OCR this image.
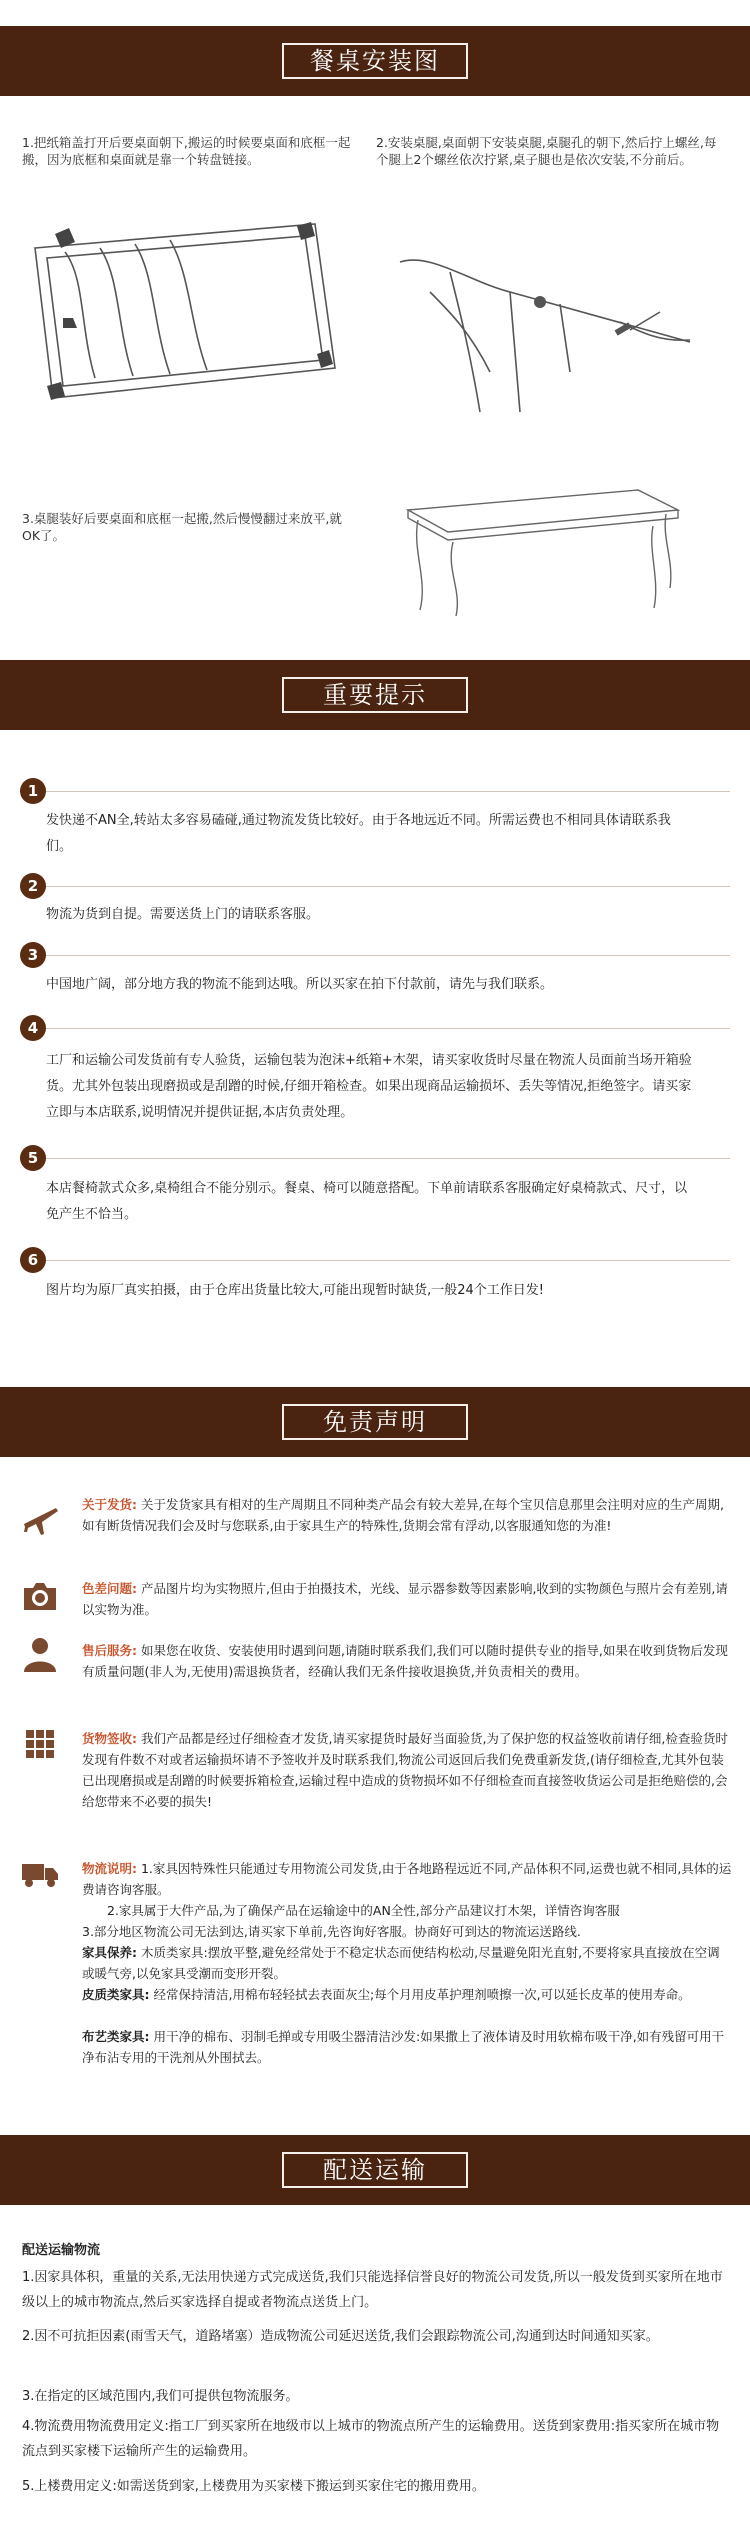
餐桌安装图
1.把纸箱盖打开后要桌面朝下,搬运的时候要桌面和底框一起搬，因为底框和桌面就是靠一个转盘链接。
2.安装桌腿,桌面朝下安装桌腿,桌腿孔的朝下,然后拧上螺丝,每个腿上2个螺丝依次拧紧,桌子腿也是依次安装,不分前后。
3.桌腿装好后要桌面和底框一起搬,然后慢慢翻过来放平,就OK了。
重要提示
1
发快递不AN全,转站太多容易磕碰,通过物流发货比较好。由于各地远近不同。所需运费也不相同具体请联系我们。
2
物流为货到自提。需要送货上门的请联系客服。
3
中国地广阔，部分地方我的物流不能到达哦。所以买家在拍下付款前，请先与我们联系。
4
工厂和运输公司发货前有专人验货，运输包装为泡沫+纸箱+木架，请买家收货时尽量在物流人员面前当场开箱验货。尤其外包装出现磨损或是刮蹭的时候,仔细开箱检查。如果出现商品运输损坏、丢失等情况,拒绝签字。请买家立即与本店联系,说明情况并提供证据,本店负责处理。
5
本店餐椅款式众多,桌椅组合不能分别示。餐桌、椅可以随意搭配。下单前请联系客服确定好桌椅款式、尺寸，以免产生不恰当。
6
图片均为原厂真实拍摄，由于仓库出货量比较大,可能出现暂时缺货,一般24个工作日发!
免责声明
关于发货: 关于发货家具有相对的生产周期且不同种类产品会有较大差异,在每个宝贝信息那里会注明对应的生产周期,如有断货情况我们会及时与您联系,由于家具生产的特殊性,货期会常有浮动,以客服通知您的为准!
色差问题: 产品图片均为实物照片,但由于拍摄技术，光线、显示器参数等因素影响,收到的实物颜色与照片会有差别,请以实物为准。
售后服务: 如果您在收货、安装使用时遇到问题,请随时联系我们,我们可以随时提供专业的指导,如果在收到货物后发现有质量问题(非人为,无使用)需退换货者，经确认我们无条件接收退换货,并负责相关的费用。
货物签收: 我们产品都是经过仔细检查才发货,请买家提货时最好当面验货,为了保护您的权益签收前请仔细,检查验货时发现有件数不对或者运输损坏请不予签收并及时联系我们,物流公司返回后我们免费重新发货,(请仔细检查,尤其外包装已出现磨损或是刮蹭的时候要拆箱检查,运输过程中造成的货物损坏如不仔细检查而直接签收货运公司是拒绝赔偿的,会给您带来不必要的损失!
物流说明: 1.家具因特殊性只能通过专用物流公司发货,由于各地路程远近不同,产品体积不同,运费也就不相同,具体的运费请咨询客服。
2.家具属于大件产品,为了确保产品在运输途中的AN全性,部分产品建议打木架，详情咨询客服
3.部分地区物流公司无法到达,请买家下单前,先咨询好客服。协商好可到达的物流运送路线.
家具保养: 木质类家具:摆放平整,避免经常处于不稳定状态而使结构松动,尽量避免阳光直射,不要将家具直接放在空调或暖气旁,以免家具受潮而变形开裂。
皮质类家具: 经常保持清洁,用棉布轻轻拭去表面灰尘;每个月用皮革护理剂喷擦一次,可以延长皮革的使用寿命。
布艺类家具: 用干净的棉布、羽制毛掸或专用吸尘器清洁沙发:如果撒上了液体请及时用软棉布吸干净,如有残留可用干净布沾专用的干洗剂从外围拭去。
配送运输
配送运输物流
1.因家具体积，重量的关系,无法用快递方式完成送货,我们只能选择信誉良好的物流公司发货,所以一般发货到买家所在地市级以上的城市物流点,然后买家选择自提或者物流点送货上门。
2.因不可抗拒因素(雨雪天气，道路堵塞）造成物流公司延迟送货,我们会跟踪物流公司,沟通到达时间通知买家。
3.在指定的区域范围内,我们可提供包物流服务。
4.物流费用物流费用定义:指工厂到买家所在地级市以上城市的物流点所产生的运输费用。送货到家费用:指买家所在城市物流点到买家楼下运输所产生的运输费用。
5.上楼费用定义:如需送货到家,上楼费用为买家楼下搬运到买家住宅的搬用费用。
